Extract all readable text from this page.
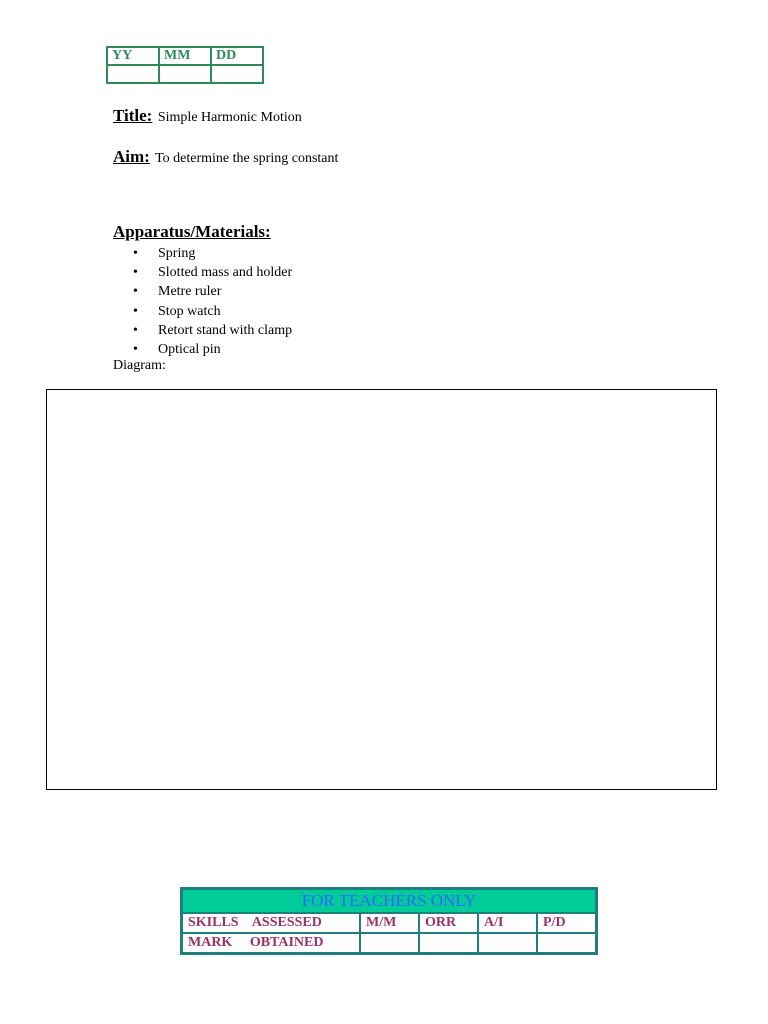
YY	MM	DD

Title: Simple Harmonic Motion
Aim: To determine the spring constant
Apparatus/Materials:
• Spring
• Slotted mass and holder
• Metre ruler
• Stop watch
• Retort stand with clamp
• Optical pin
Diagram:
FOR TEACHERS ONLY				
SKILLS    ASSESSED	M/M	ORR	A/I	P/D
MARK     OBTAINED				
